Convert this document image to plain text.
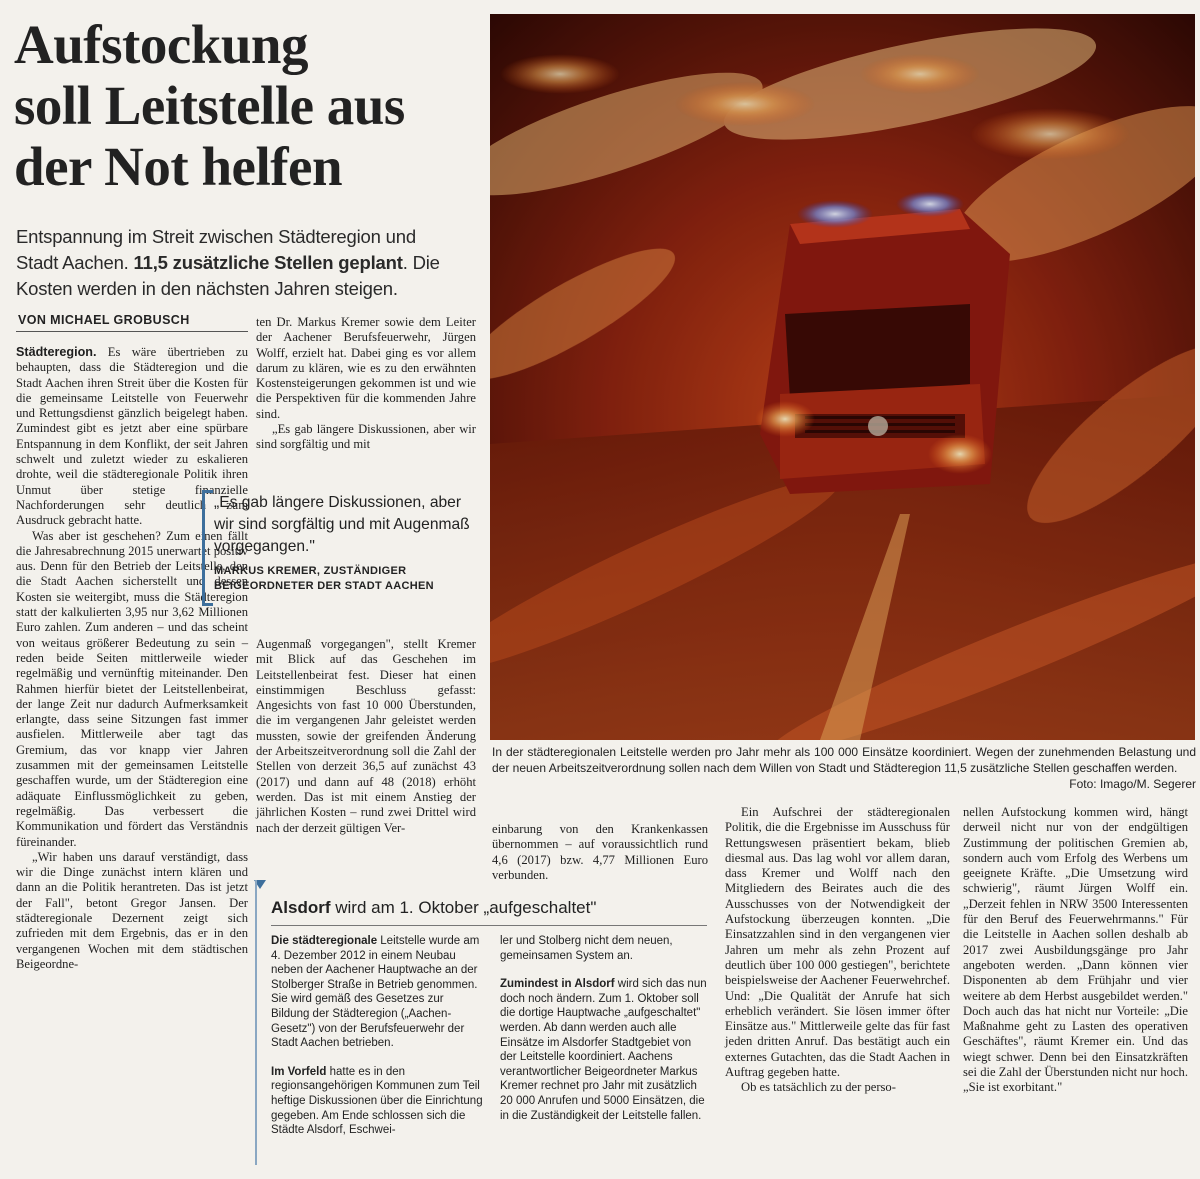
Aufstockung
soll Leitstelle aus
der Not helfen

Entspannung im Streit zwischen Städteregion und
Stadt Aachen. 11,5 zusätzliche Stellen geplant. Die
Kosten werden in den nächsten Jahren steigen.

VON MICHAEL GROBUSCH

In der städteregionalen Leitstelle werden pro Jahr mehr als 100 000 Einsätze koordiniert. Wegen der zunehmenden Belastung und der neuen Arbeitszeitverordnung sollen nach dem Willen von Stadt und Städteregion 11,5 zusätzliche Stellen geschaffen werden.
Foto: Imago/M. Segerer

Städteregion. Es wäre übertrieben zu behaupten, dass die Städteregion und die Stadt Aachen ihren Streit über die Kosten für die gemeinsame Leitstelle von Feuerwehr und Rettungsdienst gänzlich beigelegt haben. Zumindest gibt es jetzt aber eine spürbare Entspannung in dem Konflikt, der seit Jahren schwelt und zuletzt wieder zu eskalieren drohte, weil die städteregionale Politik ihren Unmut über stetige finanzielle Nachforderungen sehr deutlich zum Ausdruck gebracht hatte.

Was aber ist geschehen? Zum einen fällt die Jahresabrechnung 2015 unerwartet positiv aus. Denn für den Betrieb der Leitstelle, den die Stadt Aachen sicherstellt und dessen Kosten sie weitergibt, muss die Städteregion statt der kalkulierten 3,95 nur 3,62 Millionen Euro zahlen. Zum anderen – und das scheint von weitaus größerer Bedeutung zu sein – reden beide Seiten mittlerweile wieder regelmäßig und vernünftig miteinander. Den Rahmen hierfür bietet der Leitstellenbeirat, der lange Zeit nur dadurch Aufmerksamkeit erlangte, dass seine Sitzungen fast immer ausfielen. Mittlerweile aber tagt das Gremium, das vor knapp vier Jahren zusammen mit der gemeinsamen Leitstelle geschaffen wurde, um der Städteregion eine adäquate Einflussmöglichkeit zu geben, regelmäßig. Das verbessert die Kommunikation und fördert das Verständnis füreinander.

„Wir haben uns darauf verständigt, dass wir die Dinge zunächst intern klären und dann an die Politik herantreten. Das ist jetzt der Fall", betont Gregor Jansen. Der städteregionale Dezernent zeigt sich zufrieden mit dem Ergebnis, das er in den vergangenen Wochen mit dem städtischen Beigeordne-

„Es gab längere Diskussionen, aber wir sind sorgfältig und mit Augenmaß vorgegangen."

MARKUS KREMER, ZUSTÄNDIGER BEIGEORDNETER DER STADT AACHEN

ten Dr. Markus Kremer sowie dem Leiter der Aachener Berufsfeuerwehr, Jürgen Wolff, erzielt hat. Dabei ging es vor allem darum zu klären, wie es zu den erwähnten Kostensteigerungen gekommen ist und wie die Perspektiven für die kommenden Jahre sind.

„Es gab längere Diskussionen, aber wir sind sorgfältig und mit

Augenmaß vorgegangen", stellt Kremer mit Blick auf das Geschehen im Leitstellenbeirat fest. Dieser hat einen einstimmigen Beschluss gefasst: Angesichts von fast 10 000 Überstunden, die im vergangenen Jahr geleistet werden mussten, sowie der greifenden Änderung der Arbeitszeitverordnung soll die Zahl der Stellen von derzeit 36,5 auf zunächst 43 (2017) und dann auf 48 (2018) erhöht werden. Das ist mit einem Anstieg der jährlichen Kosten – rund zwei Drittel wird nach der derzeit gültigen Ver-	einbarung von den Krankenkassen übernommen – auf voraussichtlich rund 4,6 (2017) bzw. 4,77 Millionen Euro verbunden.

Ein Aufschrei der städteregionalen Politik, die die Ergebnisse im Ausschuss für Rettungswesen präsentiert bekam, blieb diesmal aus. Das lag wohl vor allem daran, dass Kremer und Wolff nach den Mitgliedern des Beirates auch die des Ausschusses von der Notwendigkeit der Aufstockung überzeugen konnten. „Die Einsatzzahlen sind in den vergangenen vier Jahren um mehr als zehn Prozent auf deutlich über 100 000 gestiegen", berichtete beispielsweise der Aachener Feuerwehrchef. Und: „Die Qualität der Anrufe hat sich erheblich verändert. Sie lösen immer öfter Einsätze aus." Mittlerweile gelte das für fast jeden dritten Anruf. Das bestätigt auch ein externes Gutachten, das die Stadt Aachen in Auftrag gegeben hatte.

Ob es tatsächlich zu der perso-

nellen Aufstockung kommen wird, hängt derweil nicht nur von der endgültigen Zustimmung der politischen Gremien ab, sondern auch vom Erfolg des Werbens um geeignete Kräfte. „Die Umsetzung wird schwierig", räumt Jürgen Wolff ein. „Derzeit fehlen in NRW 3500 Interessenten für den Beruf des Feuerwehrmanns." Für die Leitstelle in Aachen sollen deshalb ab 2017 zwei Ausbildungsgänge pro Jahr angeboten werden. „Dann können vier Disponenten ab dem Frühjahr und vier weitere ab dem Herbst ausgebildet werden." Doch auch das hat nicht nur Vorteile: „Die Maßnahme geht zu Lasten des operativen Geschäftes", räumt Kremer ein. Und das wiegt schwer. Denn bei den Einsatzkräften sei die Zahl der Überstunden nicht nur hoch. „Sie ist exorbitant."

Alsdorf wird am 1. Oktober „aufgeschaltet"

Die städteregionale Leitstelle wurde am 4. Dezember 2012 in einem Neubau neben der Aachener Hauptwache an der Stolberger Straße in Betrieb genommen. Sie wird gemäß des Gesetzes zur Bildung der Städteregion („Aachen-Gesetz") von der Berufsfeuerwehr der Stadt Aachen betrieben.

Im Vorfeld hatte es in den regionsangehörigen Kommunen zum Teil heftige Diskussionen über die Einrichtung gegeben. Am Ende schlossen sich die Städte Alsdorf, Eschwei-

ler und Stolberg nicht dem neuen, gemeinsamen System an.

Zumindest in Alsdorf wird sich das nun doch noch ändern. Zum 1. Oktober soll die dortige Hauptwache „aufgeschaltet" werden. Ab dann werden auch alle Einsätze im Alsdorfer Stadtgebiet von der Leitstelle koordiniert. Aachens verantwortlicher Beigeordneter Markus Kremer rechnet pro Jahr mit zusätzlich 20 000 Anrufen und 5000 Einsätzen, die in die Zuständigkeit der Leitstelle fallen.
